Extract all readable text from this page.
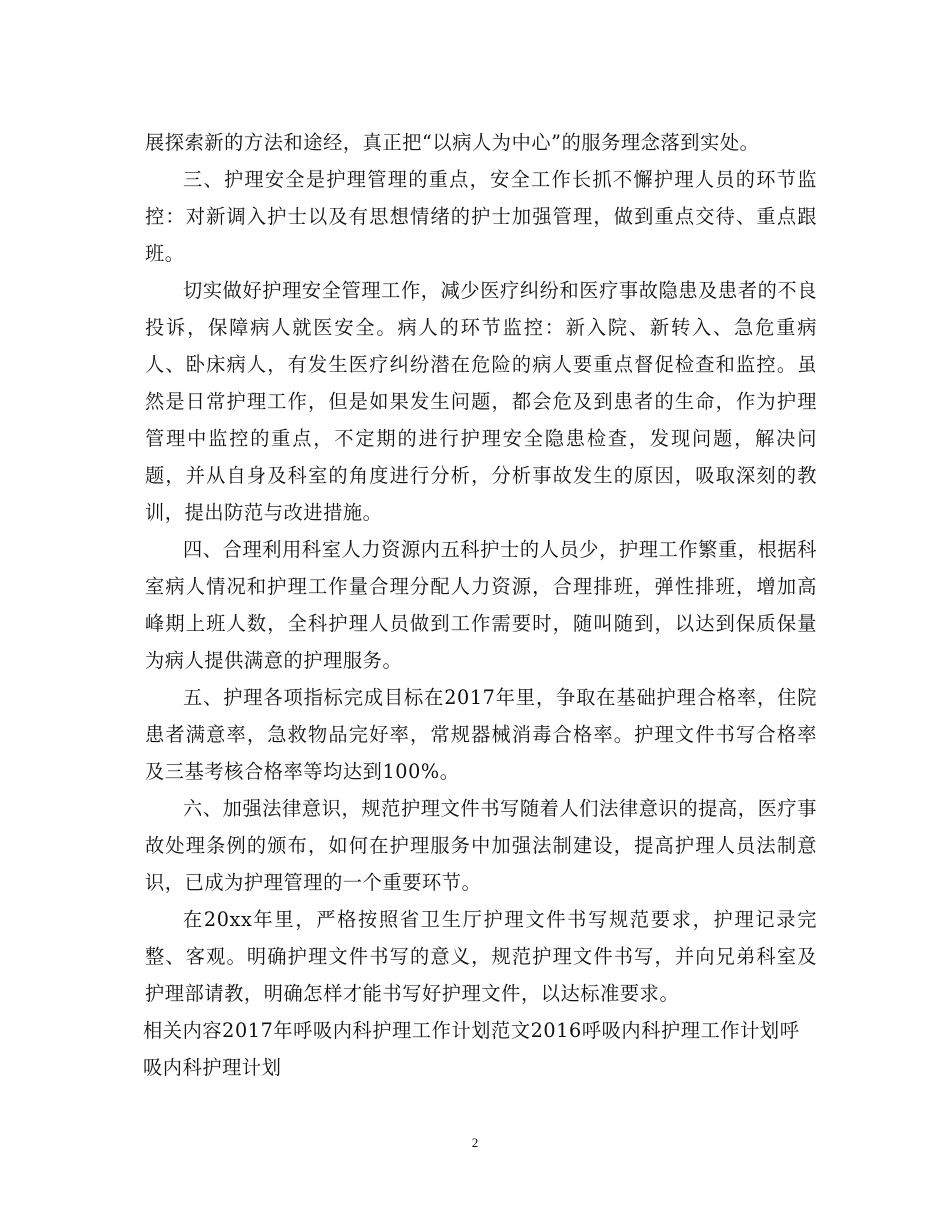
展探索新的方法和途经，真正把“以病人为中心”的服务理念落到实处。

三、护理安全是护理管理的重点，安全工作长抓不懈护理人员的环节监控：对新调入护士以及有思想情绪的护士加强管理，做到重点交待、重点跟班。

切实做好护理安全管理工作，减少医疗纠纷和医疗事故隐患及患者的不良投诉，保障病人就医安全。病人的环节监控：新入院、新转入、急危重病人、卧床病人，有发生医疗纠纷潜在危险的病人要重点督促检查和监控。虽然是日常护理工作，但是如果发生问题，都会危及到患者的生命，作为护理管理中监控的重点，不定期的进行护理安全隐患检查，发现问题，解决问题，并从自身及科室的角度进行分析，分析事故发生的原因，吸取深刻的教训，提出防范与改进措施。

四、合理利用科室人力资源内五科护士的人员少，护理工作繁重，根据科室病人情况和护理工作量合理分配人力资源，合理排班，弹性排班，增加高峰期上班人数，全科护理人员做到工作需要时，随叫随到，以达到保质保量为病人提供满意的护理服务。

五、护理各项指标完成目标在2017年里，争取在基础护理合格率，住院患者满意率，急救物品完好率，常规器械消毒合格率。护理文件书写合格率及三基考核合格率等均达到100%。

六、加强法律意识，规范护理文件书写随着人们法律意识的提高，医疗事故处理条例的颁布，如何在护理服务中加强法制建设，提高护理人员法制意识，已成为护理管理的一个重要环节。

在20xx年里，严格按照省卫生厅护理文件书写规范要求，护理记录完整、客观。明确护理文件书写的意义，规范护理文件书写，并向兄弟科室及护理部请教，明确怎样才能书写好护理文件，以达标准要求。

相关内容2017年呼吸内科护理工作计划范文2016呼吸内科护理工作计划呼吸内科护理计划

2
